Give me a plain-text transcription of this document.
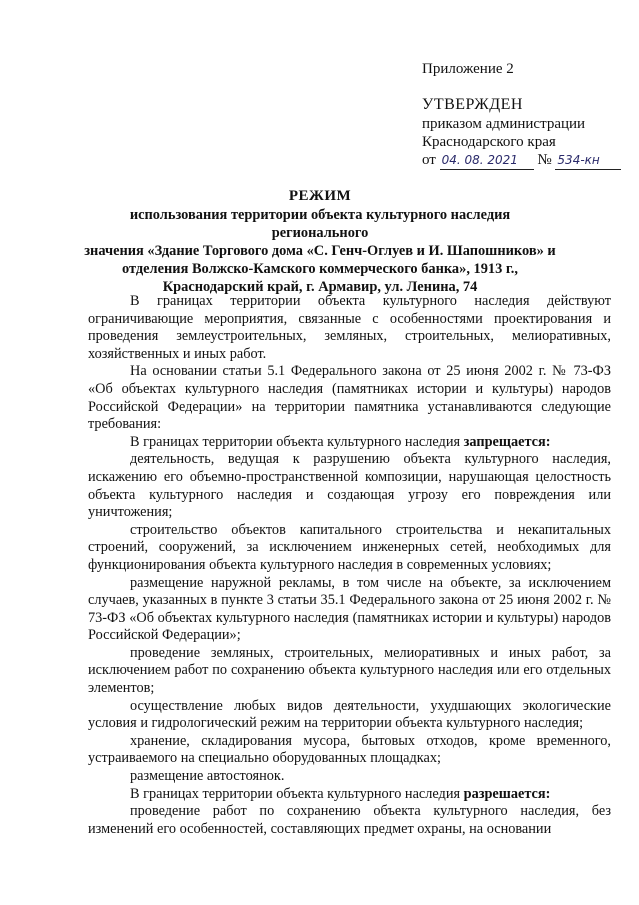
Приложение 2
УТВЕРЖДЕН
приказом администрации
Краснодарского края
от 04. 08. 2021 № 534-кн
РЕЖИМ
использования территории объекта культурного наследия регионального
значения «Здание Торгового дома «С. Генч-Оглуев и И. Шапошников» и
отделения Волжско-Камского коммерческого банка», 1913 г.,
Краснодарский край, г. Армавир, ул. Ленина, 74

В границах территории объекта культурного наследия действуют ограничивающие мероприятия, связанные с особенностями проектирования и проведения землеустроительных, земляных, строительных, мелиоративных, хозяйственных и иных работ.

На основании статьи 5.1 Федерального закона от 25 июня 2002 г. № 73-ФЗ «Об объектах культурного наследия (памятниках истории и культуры) народов Российской Федерации» на территории памятника устанавливаются следующие требования:

В границах территории объекта культурного наследия запрещается:

деятельность, ведущая к разрушению объекта культурного наследия, искажению его объемно-пространственной композиции, нарушающая целостность объекта культурного наследия и создающая угрозу его повреждения или уничтожения;

строительство объектов капитального строительства и некапитальных строений, сооружений, за исключением инженерных сетей, необходимых для функционирования объекта культурного наследия в современных условиях;

размещение наружной рекламы, в том числе на объекте, за исключением случаев, указанных в пункте 3 статьи 35.1 Федерального закона от 25 июня 2002 г. № 73-ФЗ «Об объектах культурного наследия (памятниках истории и культуры) народов Российской Федерации»;

проведение земляных, строительных, мелиоративных и иных работ, за исключением работ по сохранению объекта культурного наследия или его отдельных элементов;

осуществление любых видов деятельности, ухудшающих экологические условия и гидрологический режим на территории объекта культурного наследия;

хранение, складирования мусора, бытовых отходов, кроме временного, устраиваемого на специально оборудованных площадках;

размещение автостоянок.

В границах территории объекта культурного наследия разрешается:

проведение работ по сохранению объекта культурного наследия, без изменений его особенностей, составляющих предмет охраны, на основании
